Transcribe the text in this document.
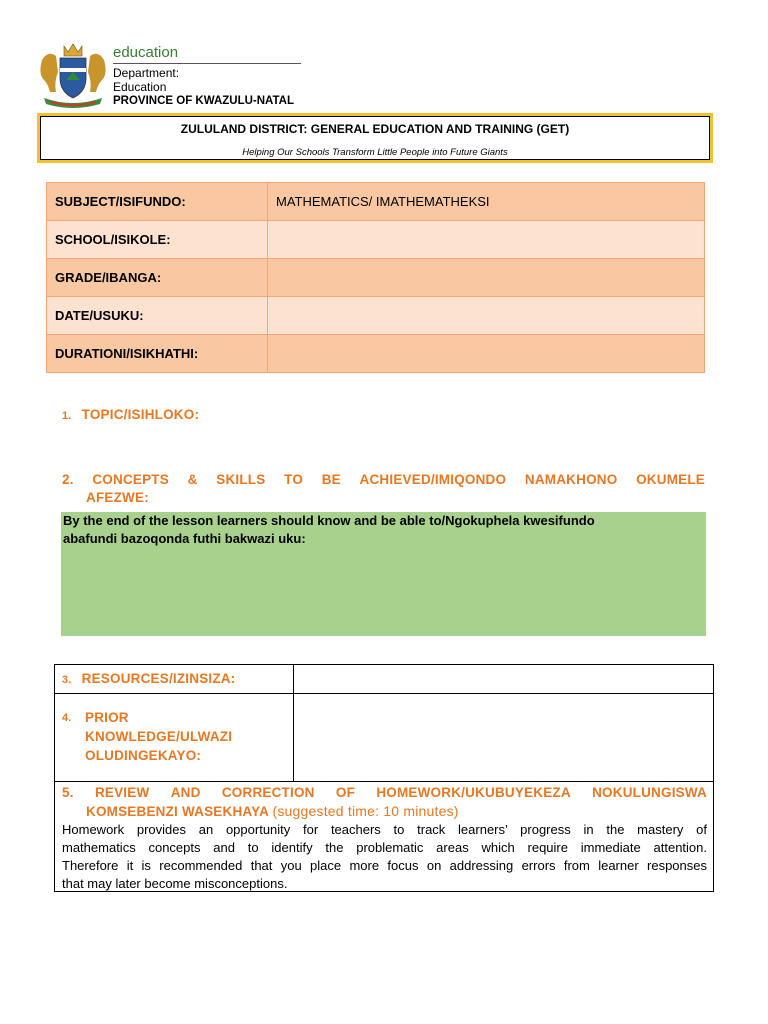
education
Department:
Education
PROVINCE OF KWAZULU-NATAL
ZULULAND DISTRICT: GENERAL EDUCATION AND TRAINING (GET)
Helping Our Schools Transform Little People into Future Giants
SUBJECT/ISIFUNDO:	MATHEMATICS/ IMATHEMATHEKSI
SCHOOL/ISIKOLE:	
GRADE/IBANGA:	
DATE/USUKU:	
DURATIONI/ISIKHATHI:	
1. TOPIC/ISIHLOKO:
2. CONCEPTS & SKILLS TO BE ACHIEVED/IMIQONDO NAMAKHONO OKUMELE
AFEZWE:
By the end of the lesson learners should know and be able to/Ngokuphela kwesifundo
abafundi bazoqonda futhi bakwazi uku:
3. RESOURCES/IZINSIZA:
4. PRIOR
KNOWLEDGE/ULWAZI
OLUDINGEKAYO:
5. REVIEW AND CORRECTION OF HOMEWORK/UKUBUYEKEZA NOKULUNGISWA
KOMSEBENZI WASEKHAYA (suggested time: 10 minutes)
Homework provides an opportunity for teachers to track learners’ progress in the mastery of
mathematics concepts and to identify the problematic areas which require immediate attention.
Therefore it is recommended that you place more focus on addressing errors from learner responses
that may later become misconceptions.
